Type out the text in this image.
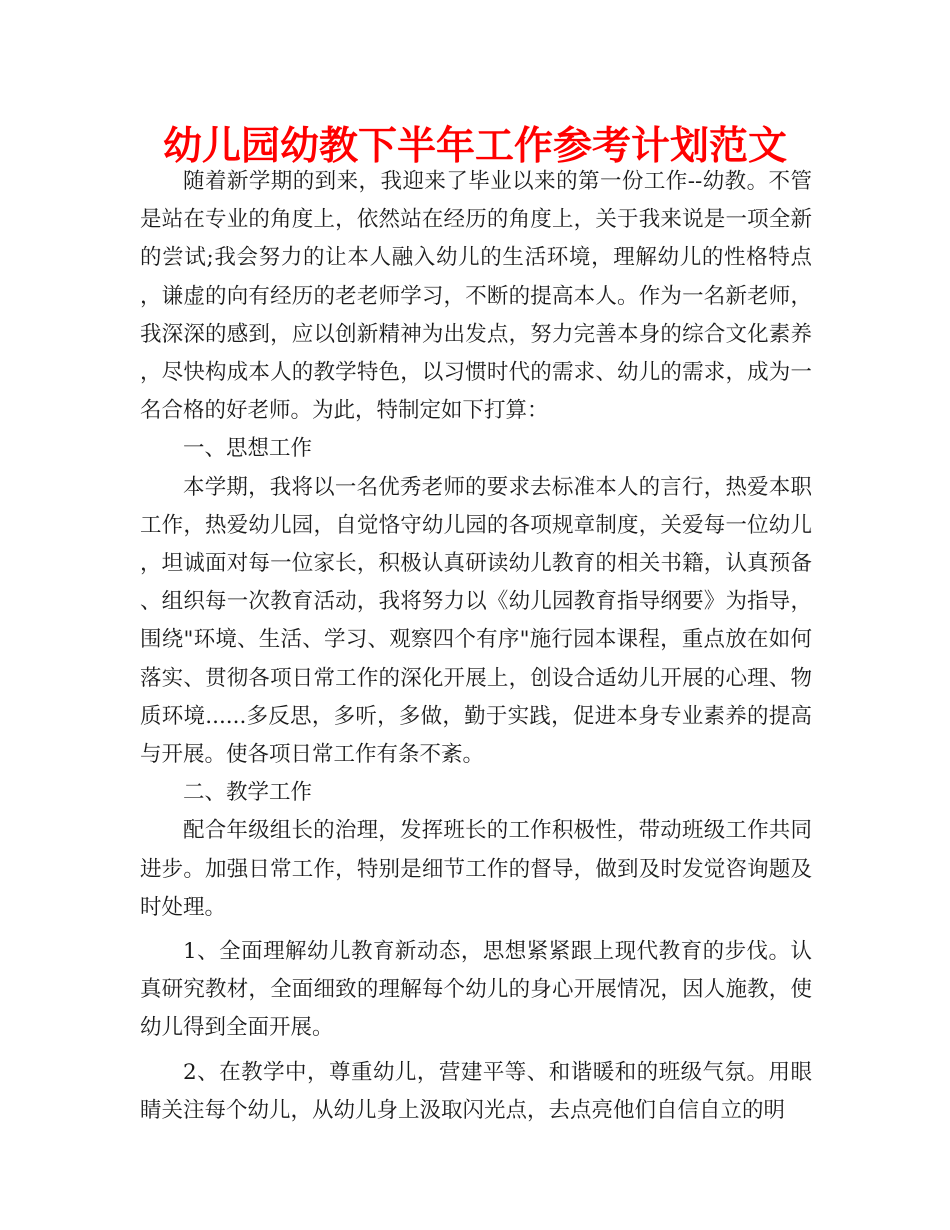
幼儿园幼教下半年工作参考计划范文

随着新学期的到来，我迎来了毕业以来的第一份工作--幼教。不管是站在专业的角度上，依然站在经历的角度上，关于我来说是一项全新的尝试;我会努力的让本人融入幼儿的生活环境，理解幼儿的性格特点，谦虚的向有经历的老老师学习，不断的提高本人。作为一名新老师，我深深的感到，应以创新精神为出发点，努力完善本身的综合文化素养，尽快构成本人的教学特色，以习惯时代的需求、幼儿的需求，成为一名合格的好老师。为此，特制定如下打算：

一、思想工作

本学期，我将以一名优秀老师的要求去标准本人的言行，热爱本职工作，热爱幼儿园，自觉恪守幼儿园的各项规章制度，关爱每一位幼儿，坦诚面对每一位家长，积极认真研读幼儿教育的相关书籍，认真预备、组织每一次教育活动，我将努力以《幼儿园教育指导纲要》为指导，围绕"环境、生活、学习、观察四个有序"施行园本课程，重点放在如何落实、贯彻各项日常工作的深化开展上，创设合适幼儿开展的心理、物质环境......多反思，多听，多做，勤于实践，促进本身专业素养的提高与开展。使各项日常工作有条不紊。

二、教学工作

配合年级组长的治理，发挥班长的工作积极性，带动班级工作共同进步。加强日常工作，特别是细节工作的督导，做到及时发觉咨询题及时处理。

1、全面理解幼儿教育新动态，思想紧紧跟上现代教育的步伐。认真研究教材，全面细致的理解每个幼儿的身心开展情况，因人施教，使幼儿得到全面开展。

2、在教学中，尊重幼儿，营建平等、和谐暖和的班级气氛。用眼睛关注每个幼儿，从幼儿身上汲取闪光点，去点亮他们自信自立的明
